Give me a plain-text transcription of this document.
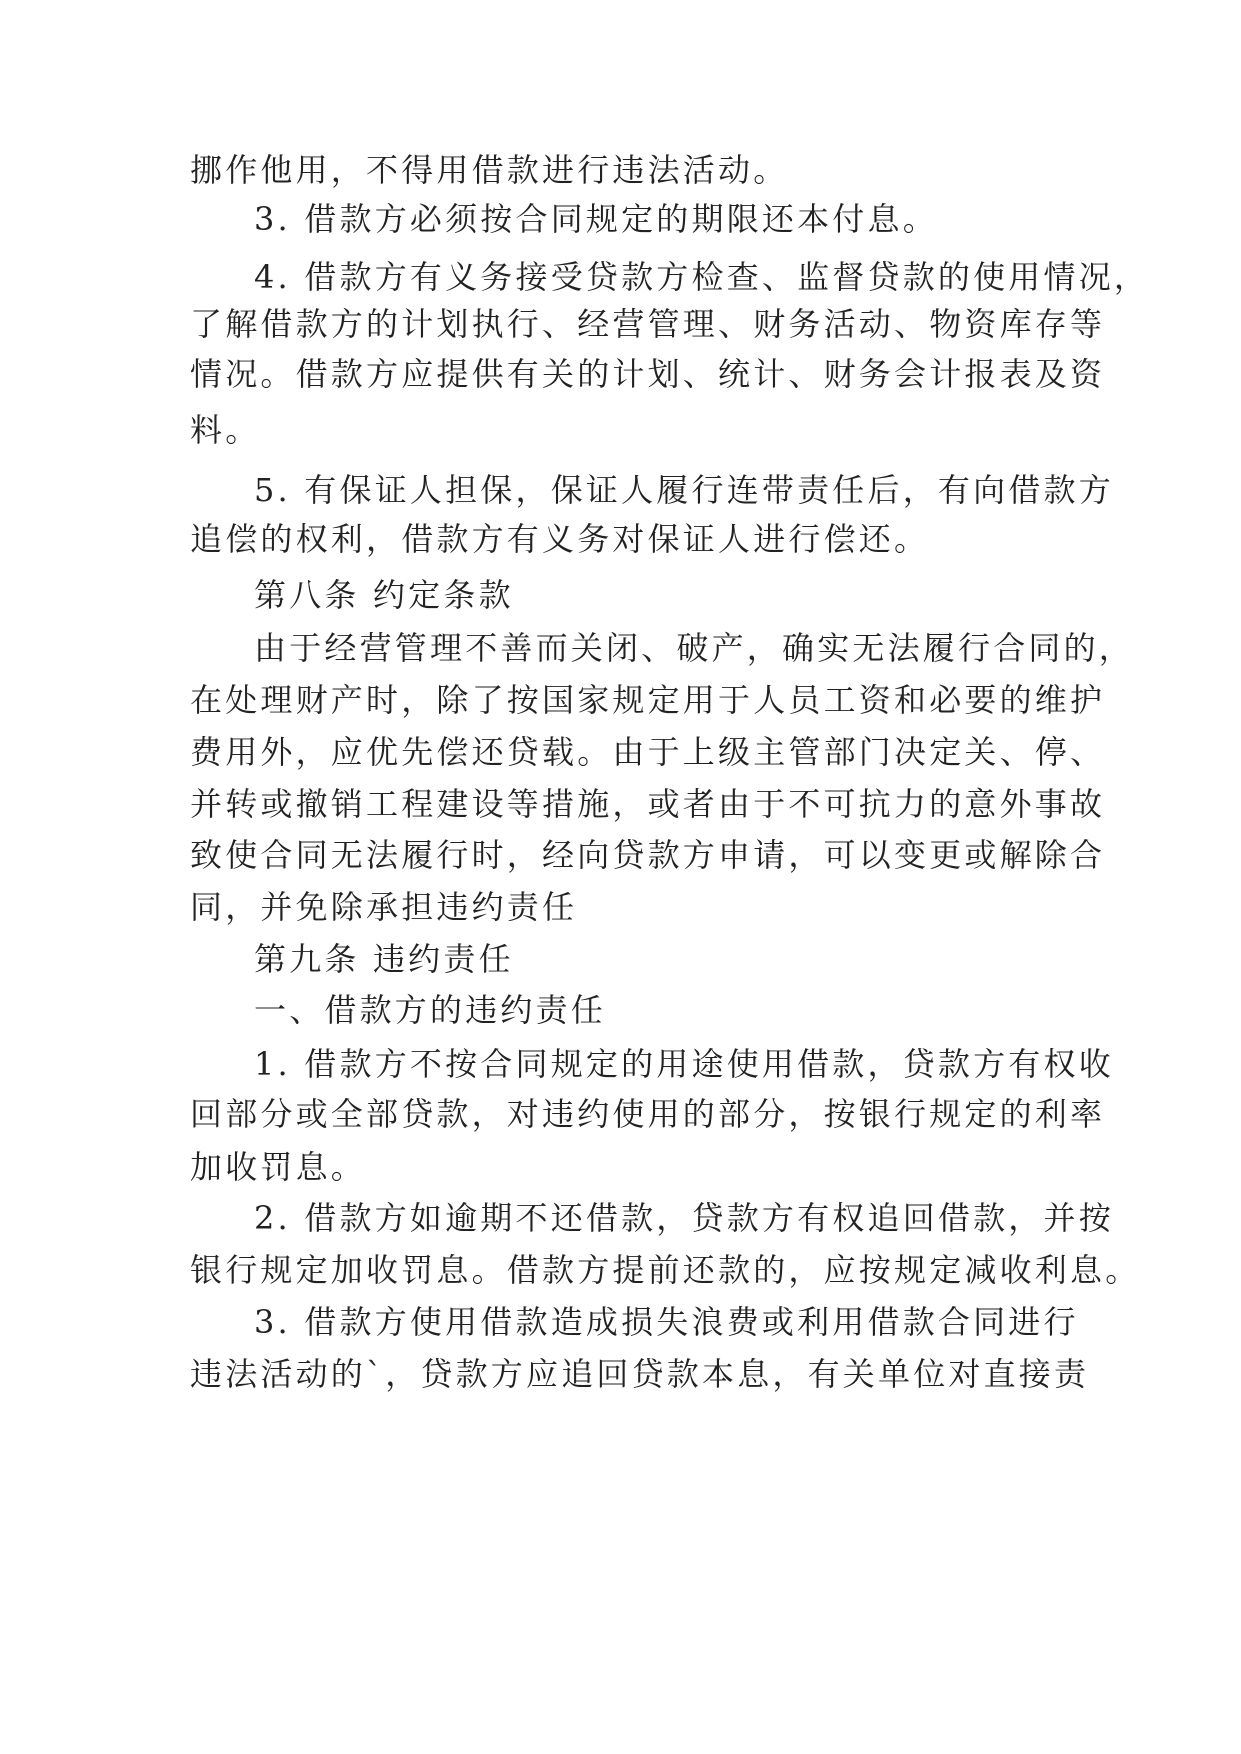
挪作他用，不得用借款进行违法活动。
3. 借款方必须按合同规定的期限还本付息。
4. 借款方有义务接受贷款方检查、监督贷款的使用情况，
了解借款方的计划执行、经营管理、财务活动、物资库存等
情况。借款方应提供有关的计划、统计、财务会计报表及资
料。
5. 有保证人担保，保证人履行连带责任后，有向借款方
追偿的权利，借款方有义务对保证人进行偿还。
第八条 约定条款
由于经营管理不善而关闭、破产，确实无法履行合同的，
在处理财产时，除了按国家规定用于人员工资和必要的维护
费用外，应优先偿还贷载。由于上级主管部门决定关、停、
并转或撤销工程建设等措施，或者由于不可抗力的意外事故
致使合同无法履行时，经向贷款方申请，可以变更或解除合
同，并免除承担违约责任
第九条 违约责任
一、借款方的违约责任
1. 借款方不按合同规定的用途使用借款，贷款方有权收
回部分或全部贷款，对违约使用的部分，按银行规定的利率
加收罚息。
2. 借款方如逾期不还借款，贷款方有权追回借款，并按
银行规定加收罚息。借款方提前还款的，应按规定减收利息。
3. 借款方使用借款造成损失浪费或利用借款合同进行
违法活动的`，贷款方应追回贷款本息，有关单位对直接责
